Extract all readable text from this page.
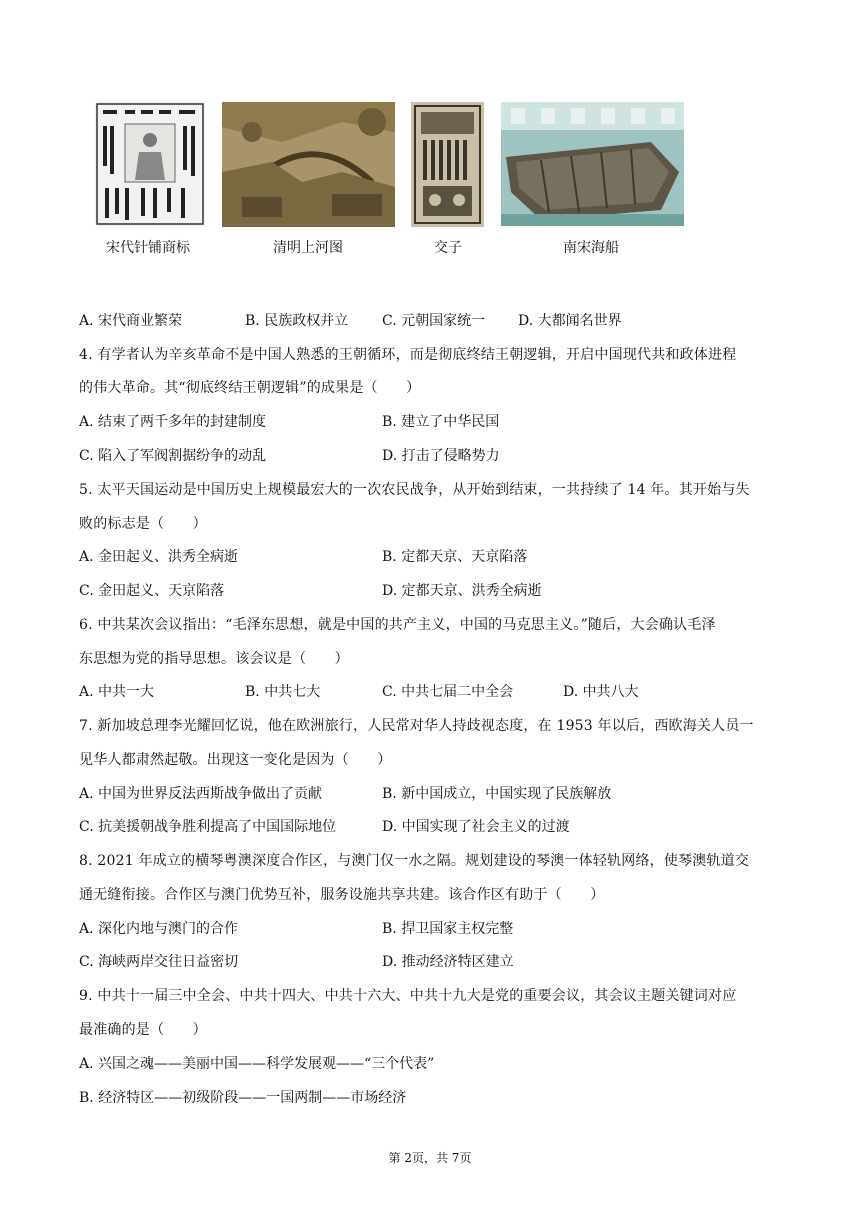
宋代针铺商标	清明上河图	交子	南宋海船
A. 宋代商业繁荣	B. 民族政权并立 C. 元朝国家统一 D. 大都闻名世界
4. 有学者认为辛亥革命不是中国人熟悉的王朝循环，而是彻底终结王朝逻辑，开启中国现代共和政体进程
的伟大革命。其“彻底终结王朝逻辑”的成果是（　　）
A. 结束了两千多年的封建制度	B. 建立了中华民国
C. 陷入了军阀割据纷争的动乱	D. 打击了侵略势力
5. 太平天国运动是中国历史上规模最宏大的一次农民战争，从开始到结束，一共持续了 14 年。其开始与失
败的标志是（　　）
A. 金田起义、洪秀全病逝	B. 定都天京、天京陷落
C. 金田起义、天京陷落	D. 定都天京、洪秀全病逝
6. 中共某次会议指出：“毛泽东思想，就是中国的共产主义，中国的马克思主义。”随后，大会确认毛泽
东思想为党的指导思想。该会议是（　　）
A. 中共一大	B. 中共七大	C. 中共七届二中全会	D. 中共八大
7. 新加坡总理李光耀回忆说，他在欧洲旅行，人民常对华人持歧视态度，在 1953 年以后，西欧海关人员一
见华人都肃然起敬。出现这一变化是因为（　　）
A. 中国为世界反法西斯战争做出了贡献	B. 新中国成立，中国实现了民族解放
C. 抗美援朝战争胜利提高了中国国际地位	D. 中国实现了社会主义的过渡
8. 2021 年成立的横琴粤澳深度合作区，与澳门仅一水之隔。规划建设的琴澳一体轻轨网络，使琴澳轨道交
通无缝衔接。合作区与澳门优势互补，服务设施共享共建。该合作区有助于（　　）
A. 深化内地与澳门的合作	B. 捍卫国家主权完整
C. 海峡两岸交往日益密切	D. 推动经济特区建立
9. 中共十一届三中全会、中共十四大、中共十六大、中共十九大是党的重要会议，其会议主题关键词对应
最准确的是（　　）
A. 兴国之魂——美丽中国——科学发展观——“三个代表”
B. 经济特区——初级阶段——一国两制——市场经济
第 2页，共 7页
